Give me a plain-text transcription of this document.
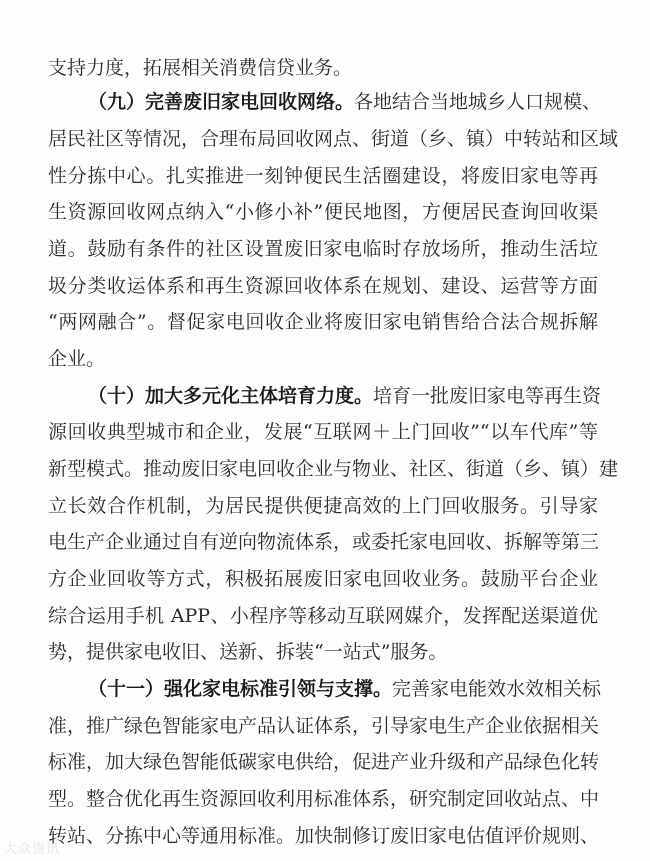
支持力度，拓展相关消费信贷业务。
（九）完善废旧家电回收网络。各地结合当地城乡人口规模、
居民社区等情况，合理布局回收网点、街道（乡、镇）中转站和区域
性分拣中心。扎实推进一刻钟便民生活圈建设，将废旧家电等再
生资源回收网点纳入“小修小补”便民地图，方便居民查询回收渠
道。鼓励有条件的社区设置废旧家电临时存放场所，推动生活垃
圾分类收运体系和再生资源回收体系在规划、建设、运营等方面
“两网融合”。督促家电回收企业将废旧家电销售给合法合规拆解
企业。
（十）加大多元化主体培育力度。培育一批废旧家电等再生资
源回收典型城市和企业，发展“互联网＋上门回收”“以车代库”等
新型模式。推动废旧家电回收企业与物业、社区、街道（乡、镇）建
立长效合作机制，为居民提供便捷高效的上门回收服务。引导家
电生产企业通过自有逆向物流体系，或委托家电回收、拆解等第三
方企业回收等方式，积极拓展废旧家电回收业务。鼓励平台企业
综合运用手机 APP、小程序等移动互联网媒介，发挥配送渠道优
势，提供家电收旧、送新、拆装“一站式”服务。
（十一）强化家电标准引领与支撑。完善家电能效水效相关标
准，推广绿色智能家电产品认证体系，引导家电生产企业依据相关
标准，加大绿色智能低碳家电供给，促进产业升级和产品绿色化转
型。整合优化再生资源回收利用标准体系，研究制定回收站点、中
转站、分拣中心等通用标准。加快制修订废旧家电估值评价规则、
大众资讯
